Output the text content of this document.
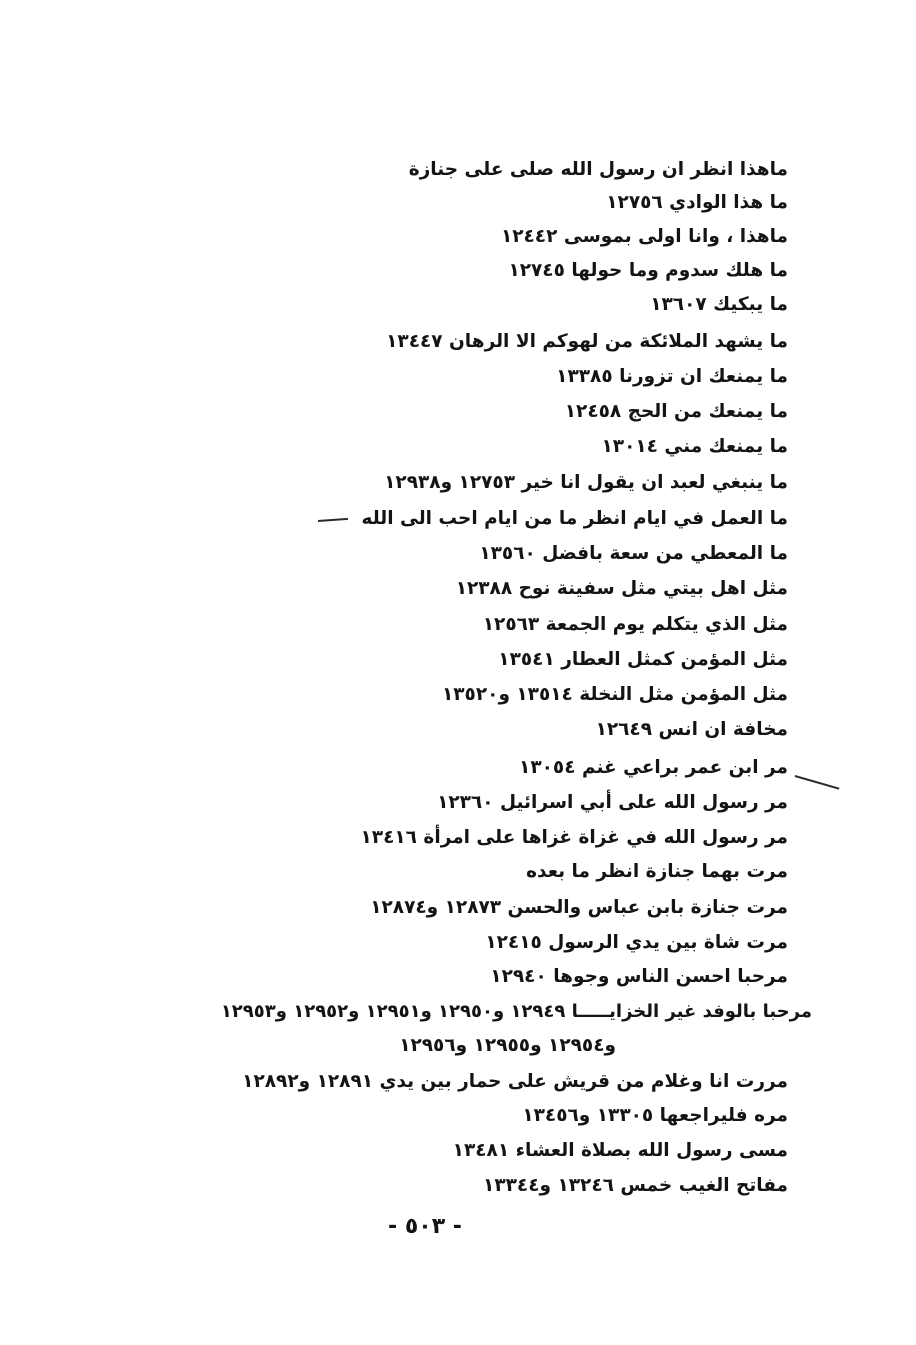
ماهذا انظر ان رسول الله صلى على جنازة
ما هذا الوادي ١٢٧٥٦
ماهذا ، وانا اولى بموسى ١٢٤٤٢
ما هلك سدوم وما حولها ١٢٧٤٥
ما يبكيك ١٣٦٠٧
ما يشهد الملائكة من لهوكم الا الرهان ١٣٤٤٧
ما يمنعك ان تزورنا ١٣٣٨٥
ما يمنعك من الحج ١٢٤٥٨
ما يمنعك مني ١٣٠١٤
ما ينبغي لعبد ان يقول انا خير ١٢٧٥٣ و١٢٩٣٨
ما العمل في ايام انظر ما من ايام احب الى الله
ما المعطي من سعة بافضل ١٣٥٦٠
مثل اهل بيتي مثل سفينة نوح ١٢٣٨٨
مثل الذي يتكلم يوم الجمعة ١٢٥٦٣
مثل المؤمن كمثل العطار ١٣٥٤١
مثل المؤمن مثل النخلة ١٣٥١٤ و١٣٥٢٠
مخافة ان انس ١٢٦٤٩
مر ابن عمر براعي غنم ١٣٠٥٤
مر رسول الله على أبي اسرائيل ١٢٣٦٠
مر رسول الله في غزاة غزاها على امرأة ١٣٤١٦
مرت بهما جنازة انظر ما بعده
مرت جنازة بابن عباس والحسن ١٢٨٧٣ و١٢٨٧٤
مرت شاة بين يدي الرسول ١٢٤١٥
مرحبا احسن الناس وجوها ١٢٩٤٠
مرحبا بالوفد غير الخزايـــــا ١٢٩٤٩ و١٢٩٥٠ و١٢٩٥١ و١٢٩٥٢ و١٢٩٥٣
و١٢٩٥٤ و١٢٩٥٥ و١٢٩٥٦
مررت انا وغلام من قريش على حمار بين يدي ١٢٨٩١ و١٢٨٩٢
مره فليراجعها ١٣٣٠٥ و١٣٤٥٦
مسى رسول الله بصلاة العشاء ١٣٤٨١
مفاتح الغيب خمس ١٣٢٤٦ و١٣٣٤٤
- ٥٠٣ -
